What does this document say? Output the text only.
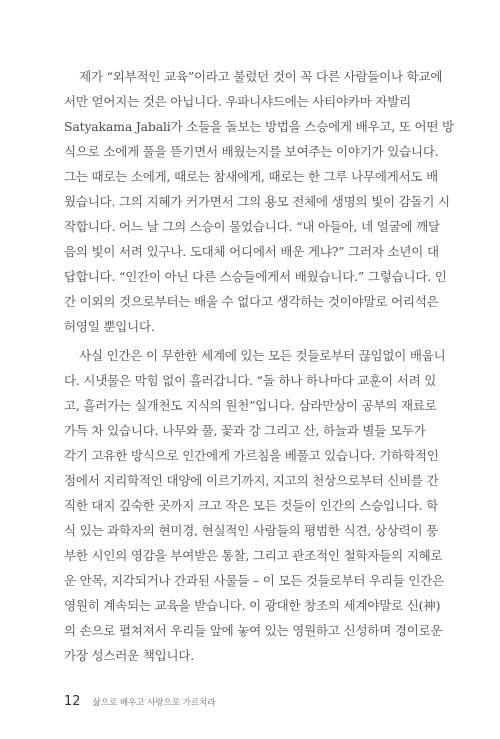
제가 “외부적인 교육”이라고 불렀던 것이 꼭 다른 사람들이나 학교에
서만 얻어지는 것은 아닙니다. 우파니샤드에는 사티야카마 자발리
Satyakama Jabali가 소들을 돌보는 방법을 스승에게 배우고, 또 어떤 방
식으로 소에게 풀을 뜯기면서 배웠는지를 보여주는 이야기가 있습니다.
그는 때로는 소에게, 때로는 참새에게, 때로는 한 그루 나무에게서도 배
웠습니다. 그의 지혜가 커가면서 그의 용모 전체에 생명의 빛이 감돌기 시
작합니다. 어느 날 그의 스승이 물었습니다. “내 아들아, 네 얼굴에 깨달
음의 빛이 서려 있구나. 도대체 어디에서 배운 게냐?” 그러자 소년이 대
답합니다. “인간이 아닌 다른 스승들에게서 배웠습니다.” 그렇습니다. 인
간 이외의 것으로부터는 배울 수 없다고 생각하는 것이야말로 어리석은
허영일 뿐입니다.
사실 인간은 이 무한한 세계에 있는 모든 것들로부터 끊임없이 배웁니
다. 시냇물은 막힘 없이 흘러갑니다. “돌 하나 하나마다 교훈이 서려 있
고, 흘러가는 실개천도 지식의 원천”입니다. 삼라만상이 공부의 재료로
가득 차 있습니다. 나무와 풀, 꽃과 강 그리고 산, 하늘과 별들 모두가
각기 고유한 방식으로 인간에게 가르침을 베풀고 있습니다. 기하학적인
점에서 지리학적인 대양에 이르기까지, 지고의 천상으로부터 신비를 간
직한 대지 깊숙한 곳까지 크고 작은 모든 것들이 인간의 스승입니다. 학
식 있는 과학자의 현미경, 현실적인 사람들의 평범한 식견, 상상력이 풍
부한 시인의 영감을 부여받은 통찰, 그리고 관조적인 철학자들의 지혜로
운 안목, 지각되거나 간과된 사물들 – 이 모든 것들로부터 우리들 인간은
영원히 계속되는 교육을 받습니다. 이 광대한 창조의 세계야말로 신(神)
의 손으로 펼쳐져서 우리들 앞에 놓여 있는 영원하고 신성하며 경이로운
가장 성스러운 책입니다.
12 삶으로 배우고 사랑으로 가르치라
